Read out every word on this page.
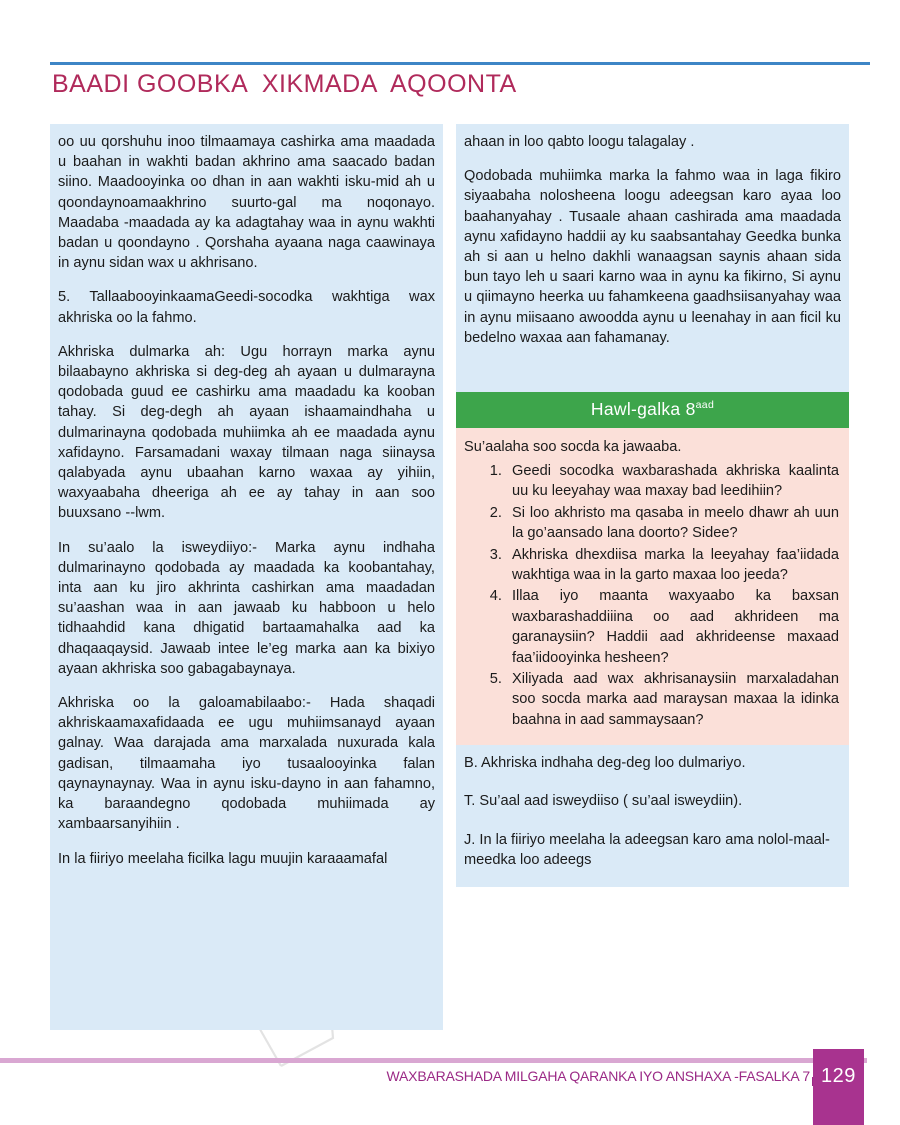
BAADI GOOBKA  XIKMADA  AQOONTA

oo uu qorshuhu inoo tilmaamaya cashirka ama maadada u baahan in wakhti badan akhrino ama saacado badan siino. Maadooyinka oo dhan in aan wakhti isku-mid ah u qoondaynoamaakhrino suurto-gal ma noqonayo. Maadaba -maadada ay ka adagtahay waa in aynu wakhti badan u qoondayno . Qorshaha ayaana naga caawinaya in aynu sidan wax u akhrisano.

5. TallaabooyinkaamaGeedi-socodka wakhtiga wax akhriska oo la fahmo.

Akhriska dulmarka ah: Ugu horrayn marka aynu bilaabayno akhriska si deg-deg ah ayaan u dulmarayna qodobada guud ee cashirku ama maadadu ka kooban tahay. Si deg-degh ah ayaan ishaamaindhaha u dulmarinayna qodobada muhiimka ah ee maadada aynu xafidayno. Farsamadani waxay tilmaan naga siinaysa qalabyada aynu ubaahan karno waxaa ay yihiin, waxyaabaha dheeriga ah ee ay tahay in aan soo buuxsano --lwm.

In su’aalo la isweydiiyo:- Marka aynu indhaha dulmarinayno qodobada ay maadada ka koobantahay, inta aan ku jiro akhrinta cashirkan ama maadadan su’aashan waa in aan jawaab ku habboon u helo tidhaahdid kana dhigatid bartaamahalka aad ka dhaqaaqaysid. Jawaab intee le’eg marka aan ka bixiyo ayaan akhriska soo gabagabaynaya.

Akhriska oo la galoamabilaabo:- Hada shaqadi akhriskaamaxafidaada ee ugu muhiimsanayd ayaan galnay. Waa darajada ama marxalada nuxurada kala gadisan, tilmaamaha iyo tusaalooyinka falan qaynaynaynay. Waa in aynu isku-dayno in aan fahamno, ka baraandegno qodobada muhiimada ay xambaarsanyihiin .

In la fiiriyo meelaha ficilka lagu muujin karaaamafal

ahaan in loo qabto loogu talagalay .

Qodobada muhiimka marka la fahmo waa in laga fikiro siyaabaha nolosheena loogu adeegsan karo ayaa loo baahanyahay . Tusaale ahaan cashirada ama maadada aynu xafidayno haddii ay ku saabsantahay Geedka bunka ah si aan u helno dakhli wanaagsan saynis ahaan sida bun tayo leh u saari karno waa in aynu ka fikirno, Si aynu u qiimayno heerka uu fahamkeena gaadhsiisanyahay waa in aynu miisaano awoodda aynu u leenahay in aan ficil ku bedelno waxaa aan fahamanay.

Hawl-galka $8^{aad}$

Su’aalaha soo socda ka jawaaba.

1. Geedi socodka waxbarashada akhriska kaalinta uu ku leeyahay waa maxay bad leedihiin?
2. Si loo akhristo ma qasaba in meelo dhawr ah uun la go’aansado lana doorto? Sidee?
3. Akhriska dhexdiisa marka la leeyahay faa’iidada wakhtiga waa in la garto maxaa loo jeeda?
4. Illaa iyo maanta waxyaabo ka baxsan waxbarashaddiiina oo aad akhrideen ma garanaysiin? Haddii aad akhrideense maxaad faa’iidooyinka hesheen?
5. Xiliyada aad wax akhrisanaysiin marxaladahan soo socda marka aad maraysan maxaa la idinka baahna in aad sammaysaan?

B. Akhriska indhaha deg-deg loo dulmariyo.

T. Su’aal aad isweydiiso ( su’aal isweydiin).

J. In la fiiriyo meelaha la adeegsan karo ama nolol-maal-meedka loo adeegs

WAXBARASHADA MILGAHA QARANKA IYO ANSHAXA -FASALKA 7 129
